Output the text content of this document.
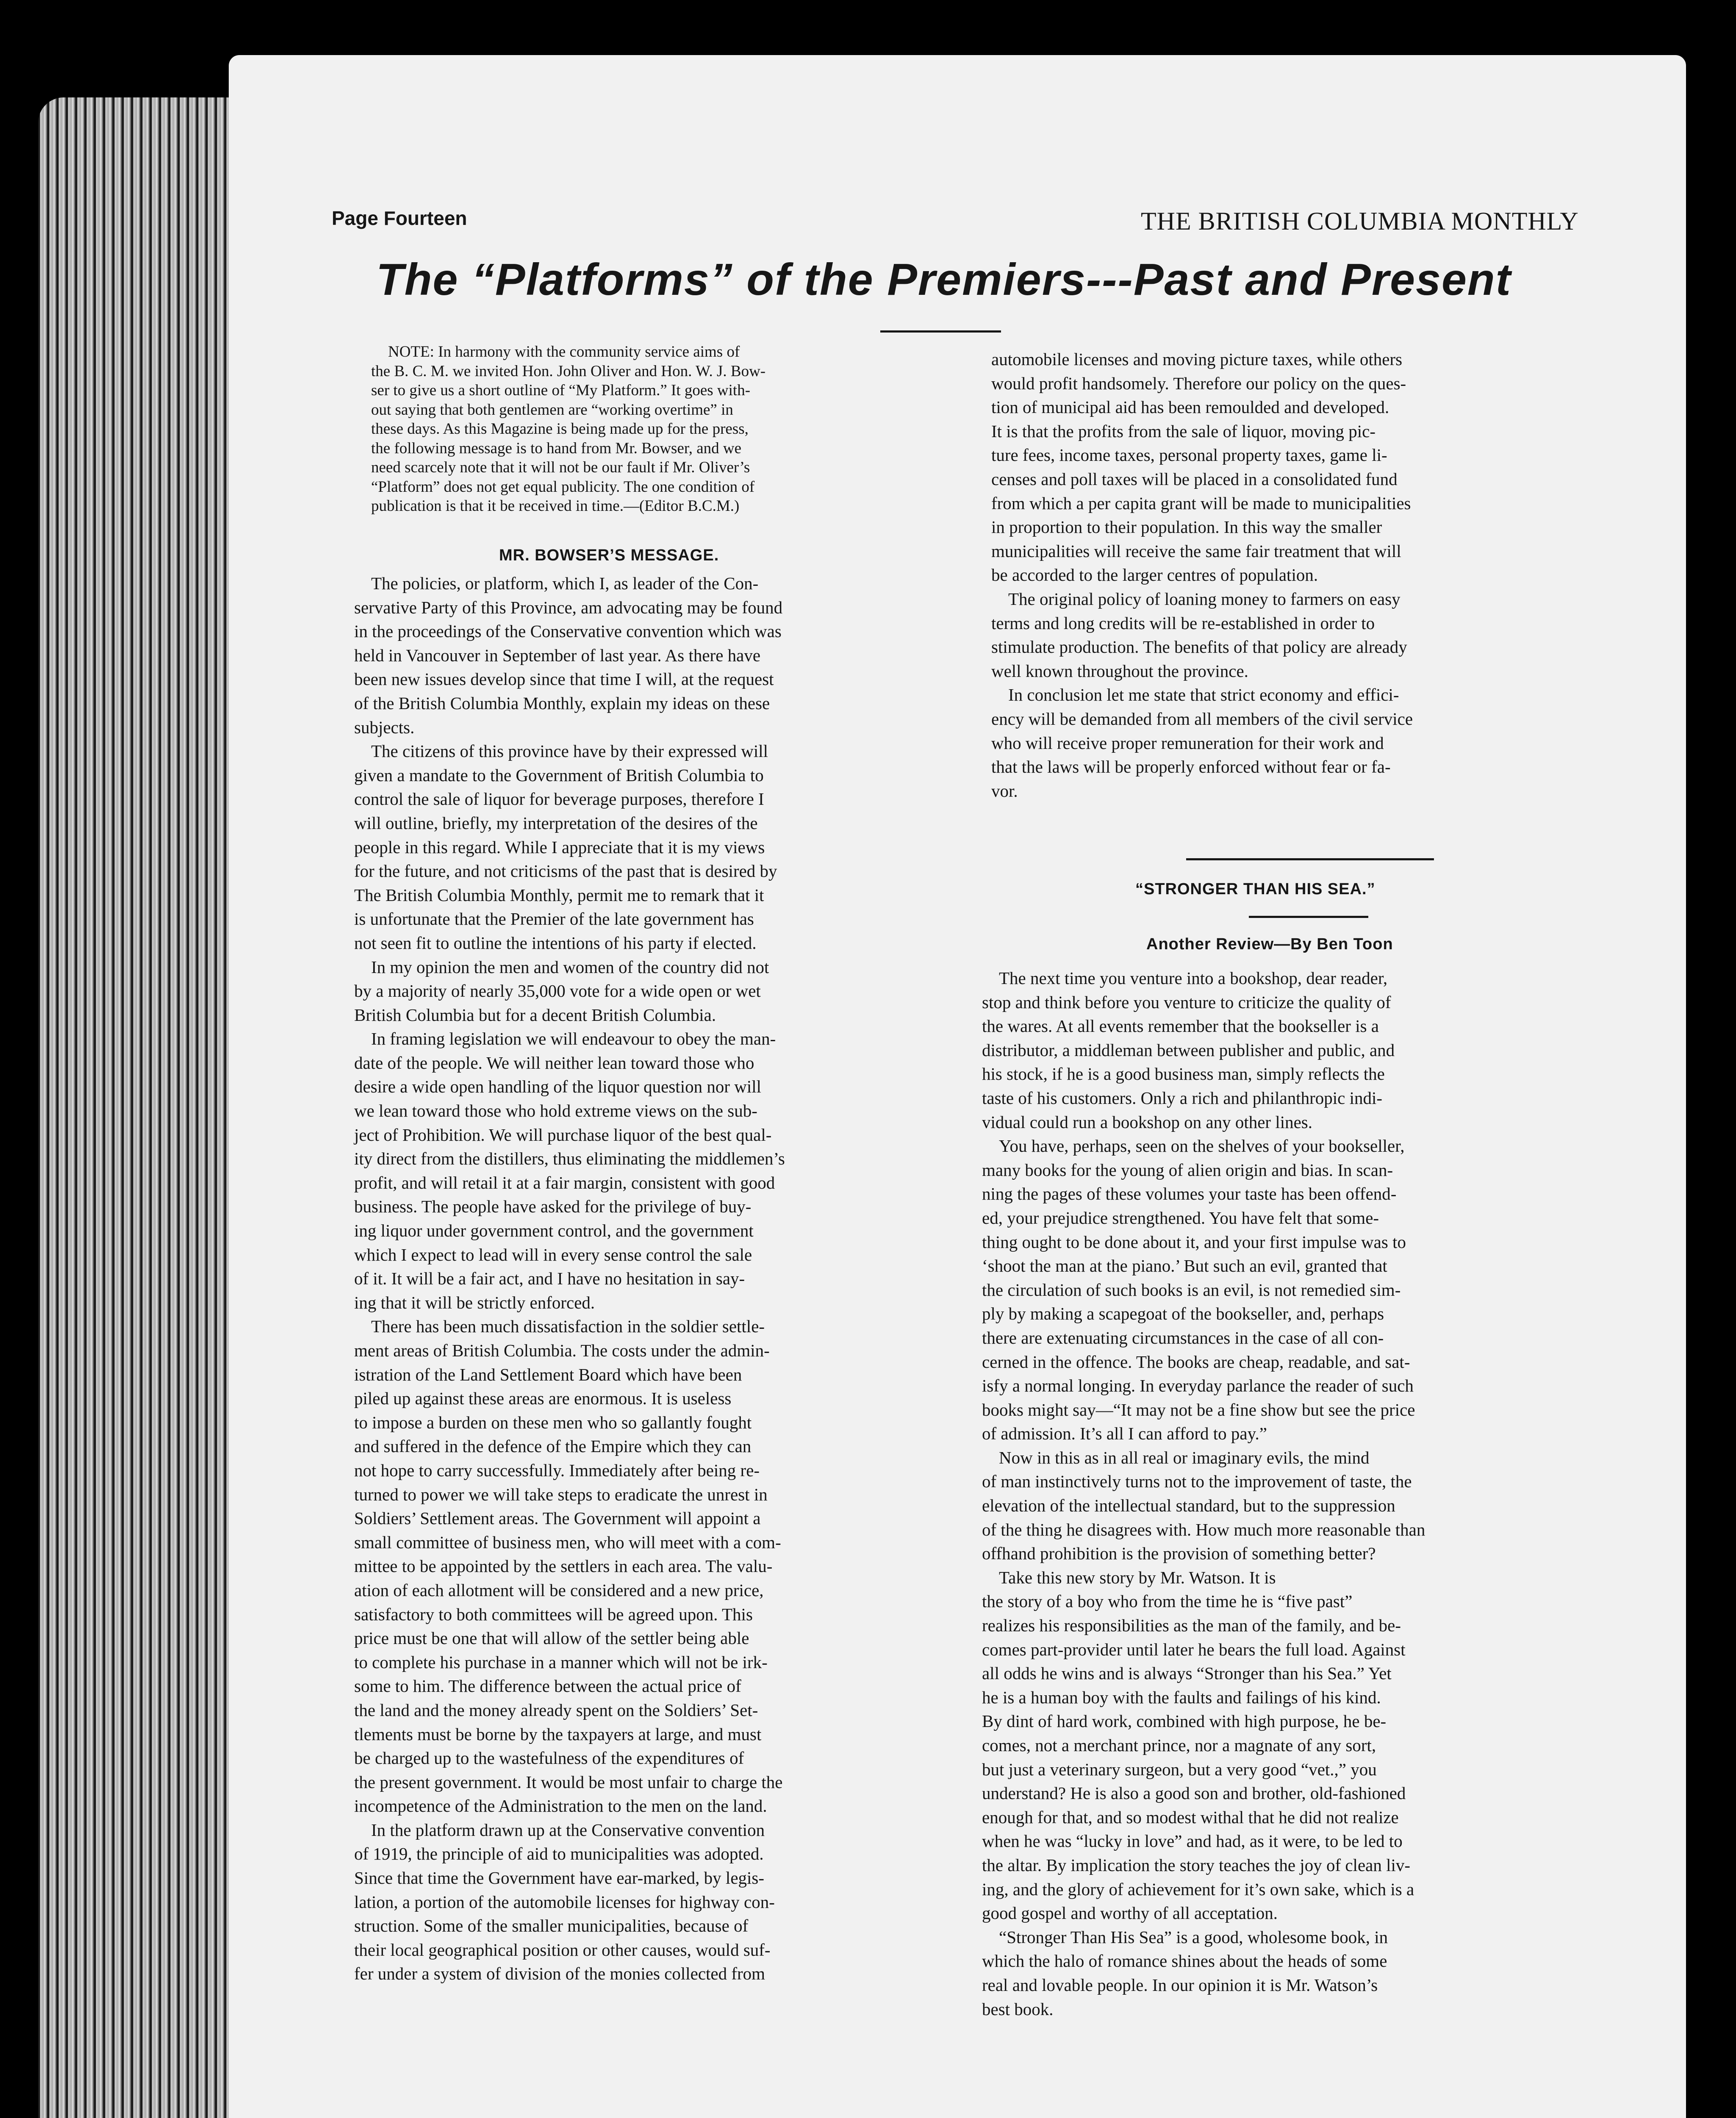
Page Fourteen	THE BRITISH COLUMBIA MONTHLY
The “Platforms” of the Premiers---Past and Present
NOTE: In harmony with the community service aims of
the B. C. M. we invited Hon. John Oliver and Hon. W. J. Bow-
ser to give us a short outline of “My Platform.” It goes with-
out saying that both gentlemen are “working overtime” in
these days. As this Magazine is being made up for the press,
the following message is to hand from Mr. Bowser, and we
need scarcely note that it will not be our fault if Mr. Oliver’s
“Platform” does not get equal publicity. The one condition of
publication is that it be received in time.—(Editor B.C.M.)
MR. BOWSER’S MESSAGE.
The policies, or platform, which I, as leader of the Con-
servative Party of this Province, am advocating may be found
in the proceedings of the Conservative convention which was
held in Vancouver in September of last year. As there have
been new issues develop since that time I will, at the request
of the British Columbia Monthly, explain my ideas on these
subjects.
The citizens of this province have by their expressed will
given a mandate to the Government of British Columbia to
control the sale of liquor for beverage purposes, therefore I
will outline, briefly, my interpretation of the desires of the
people in this regard. While I appreciate that it is my views
for the future, and not criticisms of the past that is desired by
The British Columbia Monthly, permit me to remark that it
is unfortunate that the Premier of the late government has
not seen fit to outline the intentions of his party if elected.
In my opinion the men and women of the country did not
by a majority of nearly 35,000 vote for a wide open or wet
British Columbia but for a decent British Columbia.
In framing legislation we will endeavour to obey the man-
date of the people. We will neither lean toward those who
desire a wide open handling of the liquor question nor will
we lean toward those who hold extreme views on the sub-
ject of Prohibition. We will purchase liquor of the best qual-
ity direct from the distillers, thus eliminating the middlemen’s
profit, and will retail it at a fair margin, consistent with good
business. The people have asked for the privilege of buy-
ing liquor under government control, and the government
which I expect to lead will in every sense control the sale
of it. It will be a fair act, and I have no hesitation in say-
ing that it will be strictly enforced.
There has been much dissatisfaction in the soldier settle-
ment areas of British Columbia. The costs under the admin-
istration of the Land Settlement Board which have been
piled up against these areas are enormous. It is useless
to impose a burden on these men who so gallantly fought
and suffered in the defence of the Empire which they can
not hope to carry successfully. Immediately after being re-
turned to power we will take steps to eradicate the unrest in
Soldiers’ Settlement areas. The Government will appoint a
small committee of business men, who will meet with a com-
mittee to be appointed by the settlers in each area. The valu-
ation of each allotment will be considered and a new price,
satisfactory to both committees will be agreed upon. This
price must be one that will allow of the settler being able
to complete his purchase in a manner which will not be irk-
some to him. The difference between the actual price of
the land and the money already spent on the Soldiers’ Set-
tlements must be borne by the taxpayers at large, and must
be charged up to the wastefulness of the expenditures of
the present government. It would be most unfair to charge the
incompetence of the Administration to the men on the land.
In the platform drawn up at the Conservative convention
of 1919, the principle of aid to municipalities was adopted.
Since that time the Government have ear-marked, by legis-
lation, a portion of the automobile licenses for highway con-
struction. Some of the smaller municipalities, because of
their local geographical position or other causes, would suf-
fer under a system of division of the monies collected from
automobile licenses and moving picture taxes, while others
would profit handsomely. Therefore our policy on the ques-
tion of municipal aid has been remoulded and developed.
It is that the profits from the sale of liquor, moving pic-
ture fees, income taxes, personal property taxes, game li-
censes and poll taxes will be placed in a consolidated fund
from which a per capita grant will be made to municipalities
in proportion to their population. In this way the smaller
municipalities will receive the same fair treatment that will
be accorded to the larger centres of population.
The original policy of loaning money to farmers on easy
terms and long credits will be re-established in order to
stimulate production. The benefits of that policy are already
well known throughout the province.
In conclusion let me state that strict economy and effici-
ency will be demanded from all members of the civil service
who will receive proper remuneration for their work and
that the laws will be properly enforced without fear or fa-
vor.
“STRONGER THAN HIS SEA.”
Another Review—By Ben Toon
The next time you venture into a bookshop, dear reader,
stop and think before you venture to criticize the quality of
the wares. At all events remember that the bookseller is a
distributor, a middleman between publisher and public, and
his stock, if he is a good business man, simply reflects the
taste of his customers. Only a rich and philanthropic indi-
vidual could run a bookshop on any other lines.
You have, perhaps, seen on the shelves of your bookseller,
many books for the young of alien origin and bias. In scan-
ning the pages of these volumes your taste has been offend-
ed, your prejudice strengthened. You have felt that some-
thing ought to be done about it, and your first impulse was to
‘shoot the man at the piano.’ But such an evil, granted that
the circulation of such books is an evil, is not remedied sim-
ply by making a scapegoat of the bookseller, and, perhaps
there are extenuating circumstances in the case of all con-
cerned in the offence. The books are cheap, readable, and sat-
isfy a normal longing. In everyday parlance the reader of such
books might say—“It may not be a fine show but see the price
of admission. It’s all I can afford to pay.”
Now in this as in all real or imaginary evils, the mind
of man instinctively turns not to the improvement of taste, the
elevation of the intellectual standard, but to the suppression
of the thing he disagrees with. How much more reasonable than
offhand prohibition is the provision of something better?
Take this new story by Mr. Watson. It is
the story of a boy who from the time he is “five past”
realizes his responsibilities as the man of the family, and be-
comes part-provider until later he bears the full load. Against
all odds he wins and is always “Stronger than his Sea.” Yet
he is a human boy with the faults and failings of his kind.
By dint of hard work, combined with high purpose, he be-
comes, not a merchant prince, nor a magnate of any sort,
but just a veterinary surgeon, but a very good “vet.,” you
understand? He is also a good son and brother, old-fashioned
enough for that, and so modest withal that he did not realize
when he was “lucky in love” and had, as it were, to be led to
the altar. By implication the story teaches the joy of clean liv-
ing, and the glory of achievement for it’s own sake, which is a
good gospel and worthy of all acceptation.
“Stronger Than His Sea” is a good, wholesome book, in
which the halo of romance shines about the heads of some
real and lovable people. In our opinion it is Mr. Watson’s
best book.
